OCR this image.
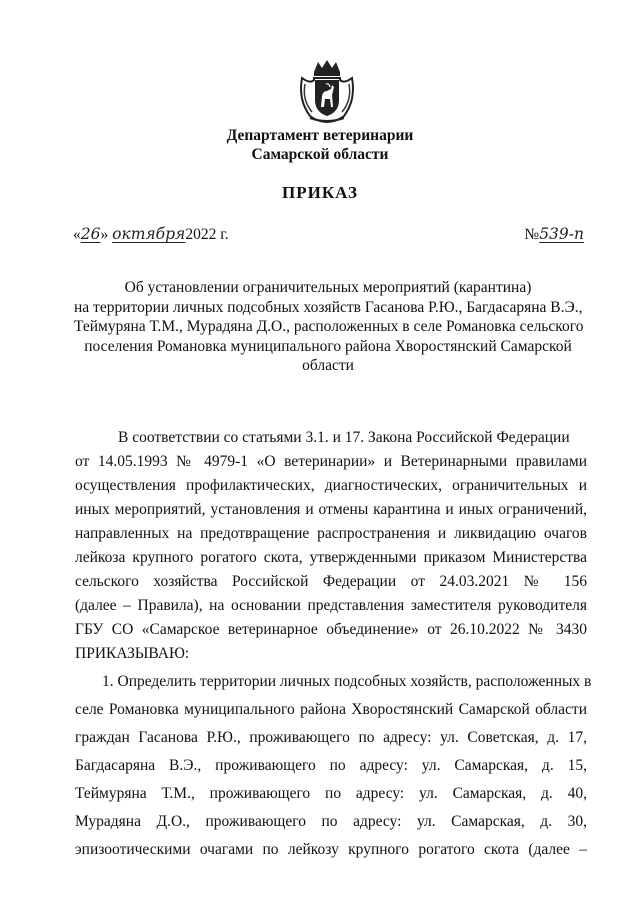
Департамент ветеринарии
Самарской области
ПРИКАЗ
«26» октября2022 г.	№539-п
Об установлении ограничительных мероприятий (карантина)
на территории личных подсобных хозяйств Гасанова Р.Ю., Багдасаряна В.Э.,
Теймуряна Т.М., Мурадяна Д.О., расположенных в селе Романовка сельского
поселения Романовка муниципального района Хворостянский Самарской
области
В соответствии со статьями 3.1. и 17. Закона Российской Федерации
от 14.05.1993 № 4979-1 «О ветеринарии» и Ветеринарными правилами
осуществления профилактических, диагностических, ограничительных и
иных мероприятий, установления и отмены карантина и иных ограничений,
направленных на предотвращение распространения и ликвидацию очагов
лейкоза крупного рогатого скота, утвержденными приказом Министерства
сельского хозяйства Российской Федерации от 24.03.2021 № 156
(далее – Правила), на основании представления заместителя руководителя
ГБУ СО «Самарское ветеринарное объединение» от 26.10.2022 № 3430
ПРИКАЗЫВАЮ:
1. Определить территории личных подсобных хозяйств, расположенных в
селе Романовка муниципального района Хворостянский Самарской области
граждан Гасанова Р.Ю., проживающего по адресу: ул. Советская, д. 17,
Багдасаряна В.Э., проживающего по адресу: ул. Самарская, д. 15,
Теймуряна Т.М., проживающего по адресу: ул. Самарская, д. 40,
Мурадяна Д.О., проживающего по адресу: ул. Самарская, д. 30,
эпизоотическими очагами по лейкозу крупного рогатого скота (далее –
